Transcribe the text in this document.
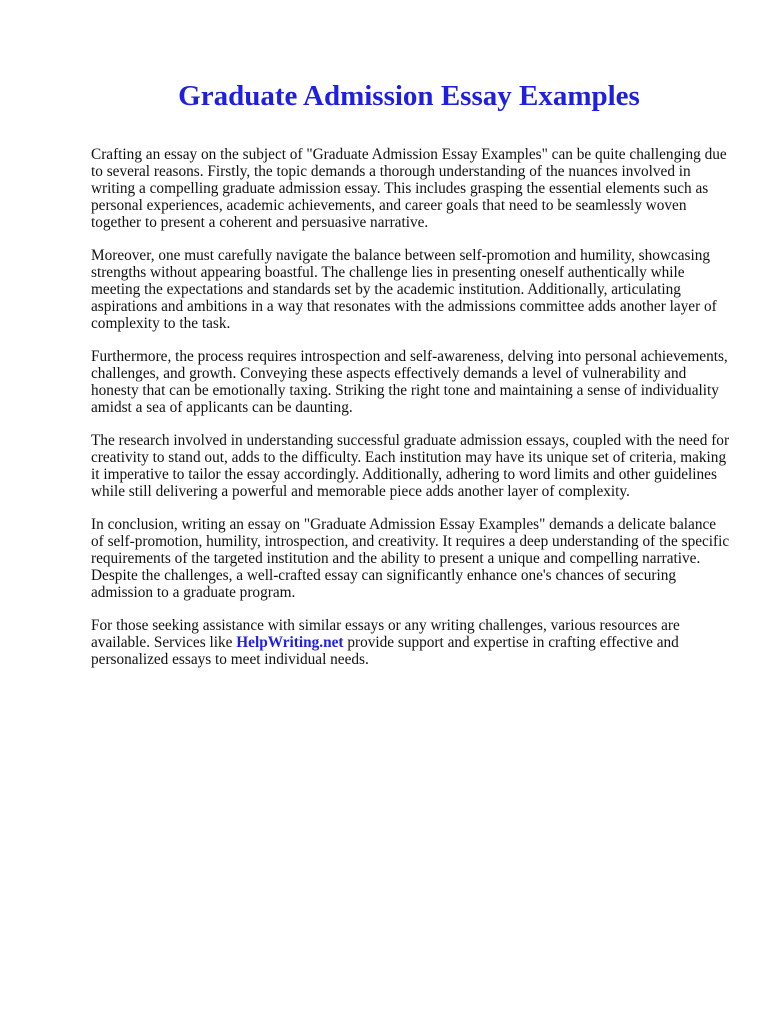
Graduate Admission Essay Examples

Crafting an essay on the subject of "Graduate Admission Essay Examples" can be quite challenging due to several reasons. Firstly, the topic demands a thorough understanding of the nuances involved in writing a compelling graduate admission essay. This includes grasping the essential elements such as personal experiences, academic achievements, and career goals that need to be seamlessly woven together to present a coherent and persuasive narrative.

Moreover, one must carefully navigate the balance between self-promotion and humility, showcasing strengths without appearing boastful. The challenge lies in presenting oneself authentically while meeting the expectations and standards set by the academic institution. Additionally, articulating aspirations and ambitions in a way that resonates with the admissions committee adds another layer of complexity to the task.

Furthermore, the process requires introspection and self-awareness, delving into personal achievements, challenges, and growth. Conveying these aspects effectively demands a level of vulnerability and honesty that can be emotionally taxing. Striking the right tone and maintaining a sense of individuality amidst a sea of applicants can be daunting.

The research involved in understanding successful graduate admission essays, coupled with the need for creativity to stand out, adds to the difficulty. Each institution may have its unique set of criteria, making it imperative to tailor the essay accordingly. Additionally, adhering to word limits and other guidelines while still delivering a powerful and memorable piece adds another layer of complexity.

In conclusion, writing an essay on "Graduate Admission Essay Examples" demands a delicate balance of self-promotion, humility, introspection, and creativity. It requires a deep understanding of the specific requirements of the targeted institution and the ability to present a unique and compelling narrative. Despite the challenges, a well-crafted essay can significantly enhance one's chances of securing admission to a graduate program.

For those seeking assistance with similar essays or any writing challenges, various resources are available. Services like HelpWriting.net provide support and expertise in crafting effective and personalized essays to meet individual needs.
